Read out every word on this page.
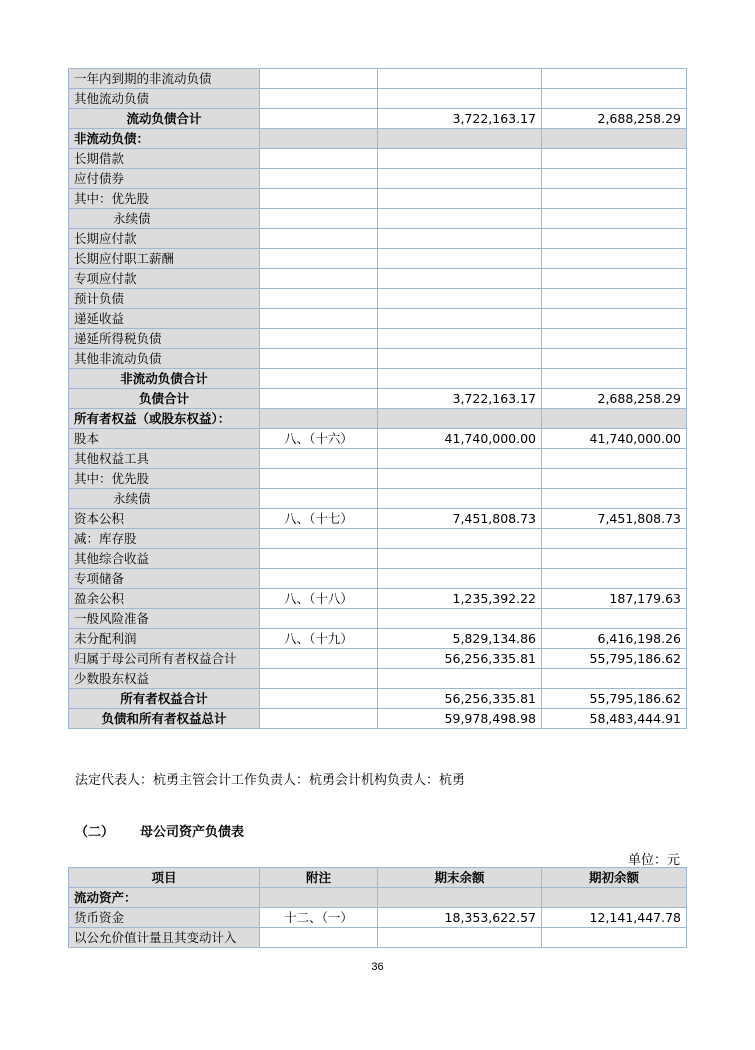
一年内到期的非流动负债			
其他流动负债			
流动负债合计		3,722,163.17	2,688,258.29
非流动负债：			
长期借款			
应付债券			
其中：优先股			
永续债			
长期应付款			
长期应付职工薪酬			
专项应付款			
预计负债			
递延收益			
递延所得税负债			
其他非流动负债			
非流动负债合计			
负债合计		3,722,163.17	2,688,258.29
所有者权益（或股东权益）：			
股本	八、（十六）	41,740,000.00	41,740,000.00
其他权益工具			
其中：优先股			
永续债			
资本公积	八、（十七）	7,451,808.73	7,451,808.73
减：库存股			
其他综合收益			
专项储备			
盈余公积	八、（十八）	1,235,392.22	187,179.63
一般风险准备			
未分配利润	八、（十九）	5,829,134.86	6,416,198.26
归属于母公司所有者权益合计		56,256,335.81	55,795,186.62
少数股东权益			
所有者权益合计		56,256,335.81	55,795,186.62
负债和所有者权益总计		59,978,498.98	58,483,444.91
法定代表人：杭勇主管会计工作负责人：杭勇会计机构负责人：杭勇
（二） 母公司资产负债表
单位：元
项目	附注	期末余额	期初余额
流动资产：			
货币资金	十二、（一）	18,353,622.57	12,141,447.78
以公允价值计量且其变动计入			
36
